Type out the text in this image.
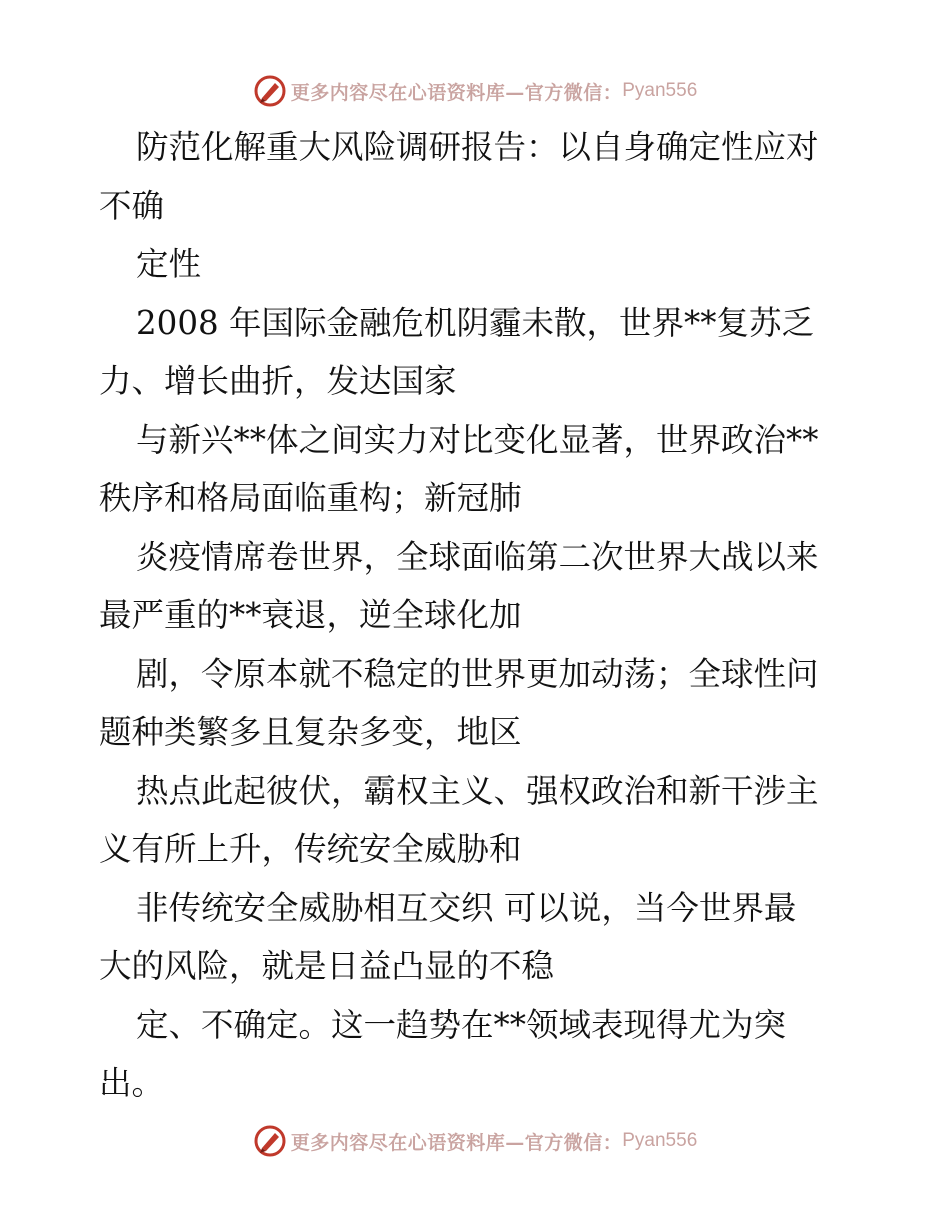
更多内容尽在心语资料库—官方微信： Pyan556
防范化解重大风险调研报告：以自身确定性应对
不确
定性
2008 年国际金融危机阴霾未散，世界**复苏乏
力、增长曲折，发达国家
与新兴**体之间实力对比变化显著，世界政治**
秩序和格局面临重构；新冠肺
炎疫情席卷世界，全球面临第二次世界大战以来
最严重的**衰退，逆全球化加
剧，令原本就不稳定的世界更加动荡；全球性问
题种类繁多且复杂多变，地区
热点此起彼伏，霸权主义、强权政治和新干涉主
义有所上升，传统安全威胁和
非传统安全威胁相互交织 可以说，当今世界最
大的风险，就是日益凸显的不稳
定、不确定。这一趋势在**领域表现得尤为突
出。
更多内容尽在心语资料库—官方微信： Pyan556
